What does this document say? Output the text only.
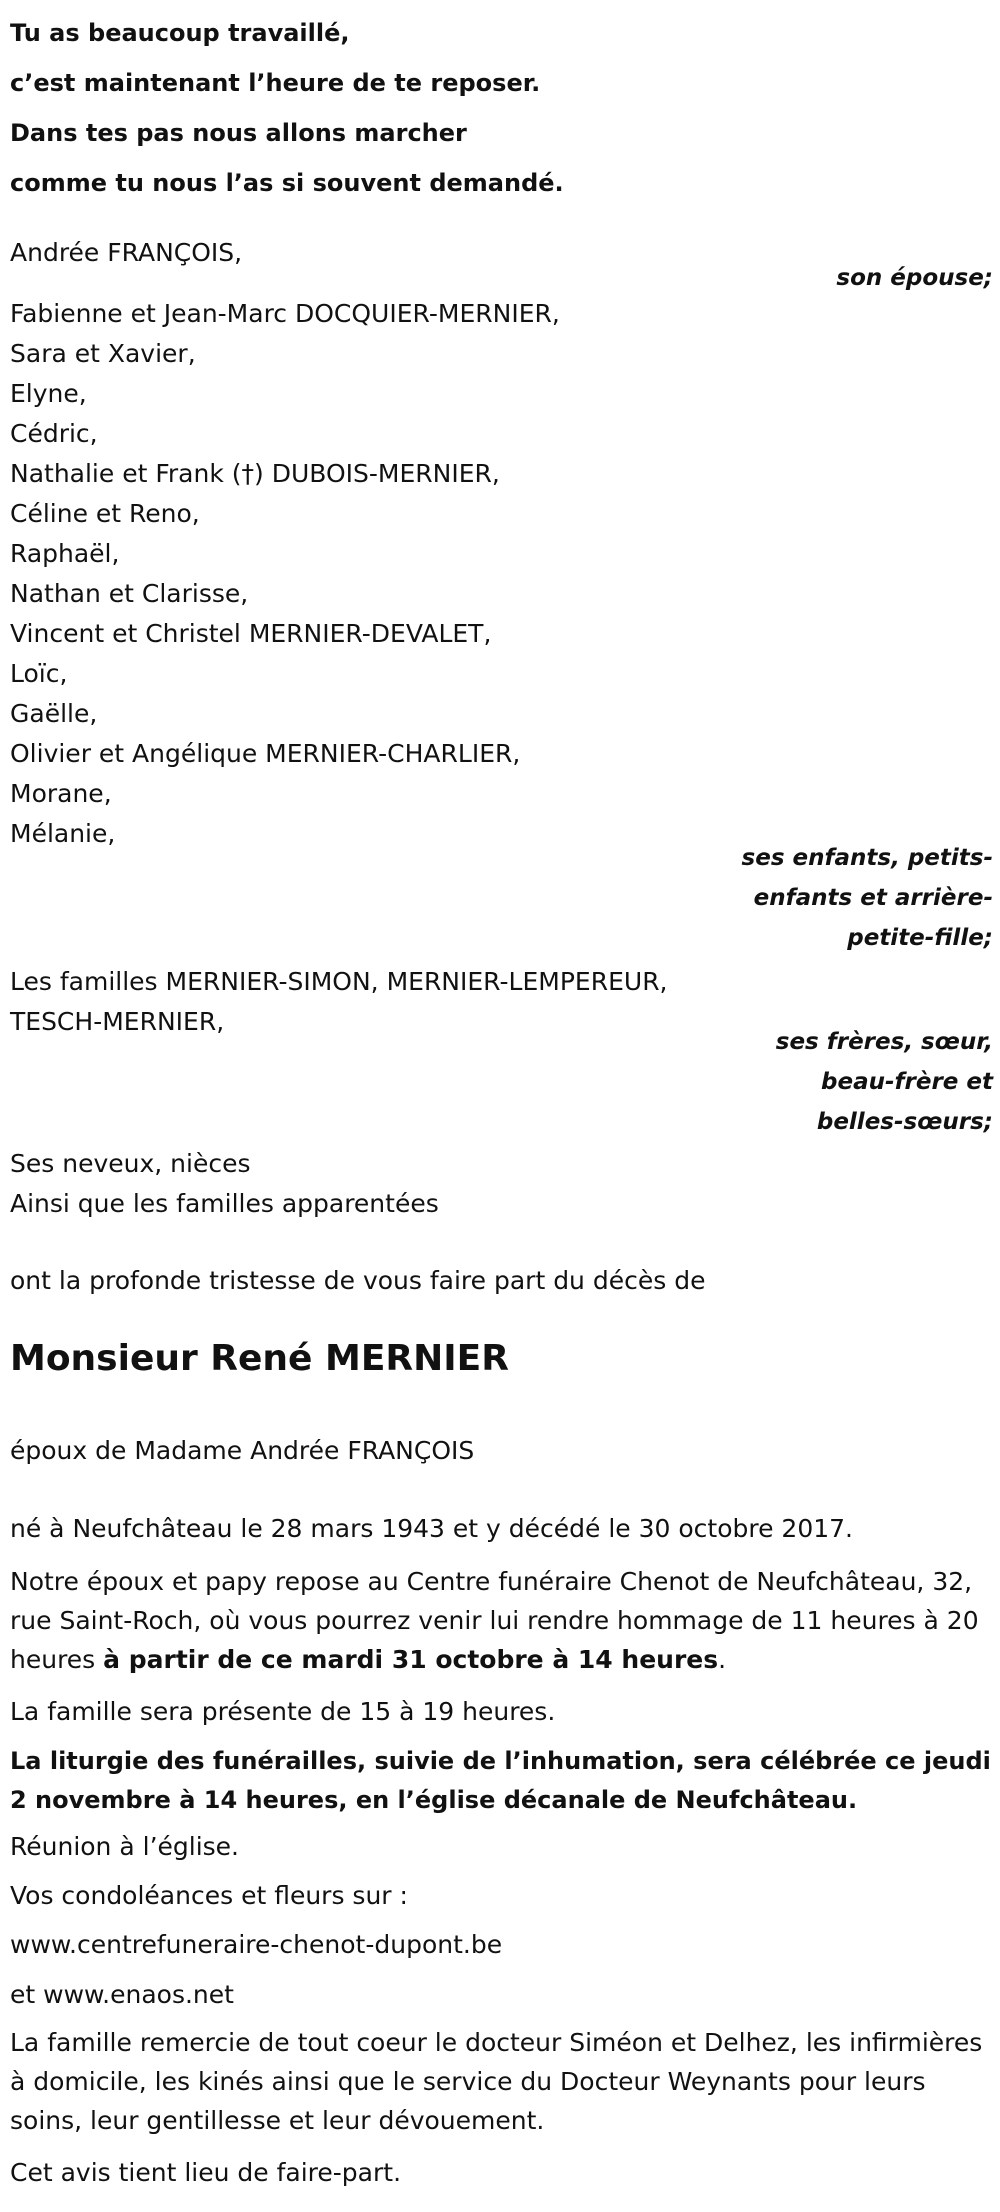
Tu as beaucoup travaillé,
c’est maintenant l’heure de te reposer.
Dans tes pas nous allons marcher
comme tu nous l’as si souvent demandé.
Andrée FRANÇOIS,
son épouse;
Fabienne et Jean-Marc DOCQUIER-MERNIER,
Sara et Xavier,
Elyne,
Cédric,
Nathalie et Frank (†) DUBOIS-MERNIER,
Céline et Reno,
Raphaël,
Nathan et Clarisse,
Vincent et Christel MERNIER-DEVALET,
Loïc,
Gaëlle,
Olivier et Angélique MERNIER-CHARLIER,
Morane,
Mélanie,
ses enfants, petits-
enfants et arrière-
petite-fille;
Les familles MERNIER-SIMON, MERNIER-LEMPEREUR,
TESCH-MERNIER,
ses frères, sœur,
beau-frère et
belles-sœurs;
Ses neveux, nièces
Ainsi que les familles apparentées
ont la profonde tristesse de vous faire part du décès de
Monsieur René MERNIER
époux de Madame Andrée FRANÇOIS
né à Neufchâteau le 28 mars 1943 et y décédé le 30 octobre 2017.
Notre époux et papy repose au Centre funéraire Chenot de Neufchâteau, 32, rue Saint-Roch, où vous pourrez venir lui rendre hommage de 11 heures à 20 heures à partir de ce mardi 31 octobre à 14 heures.
La famille sera présente de 15 à 19 heures.
La liturgie des funérailles, suivie de l’inhumation, sera célébrée ce jeudi 2 novembre à 14 heures, en l’église décanale de Neufchâteau.
Réunion à l’église.
Vos condoléances et fleurs sur :
www.centrefuneraire-chenot-dupont.be
et www.enaos.net
La famille remercie de tout coeur le docteur Siméon et Delhez, les infirmières à domicile, les kinés ainsi que le service du Docteur Weynants pour leurs soins, leur gentillesse et leur dévouement.
Cet avis tient lieu de faire-part.
